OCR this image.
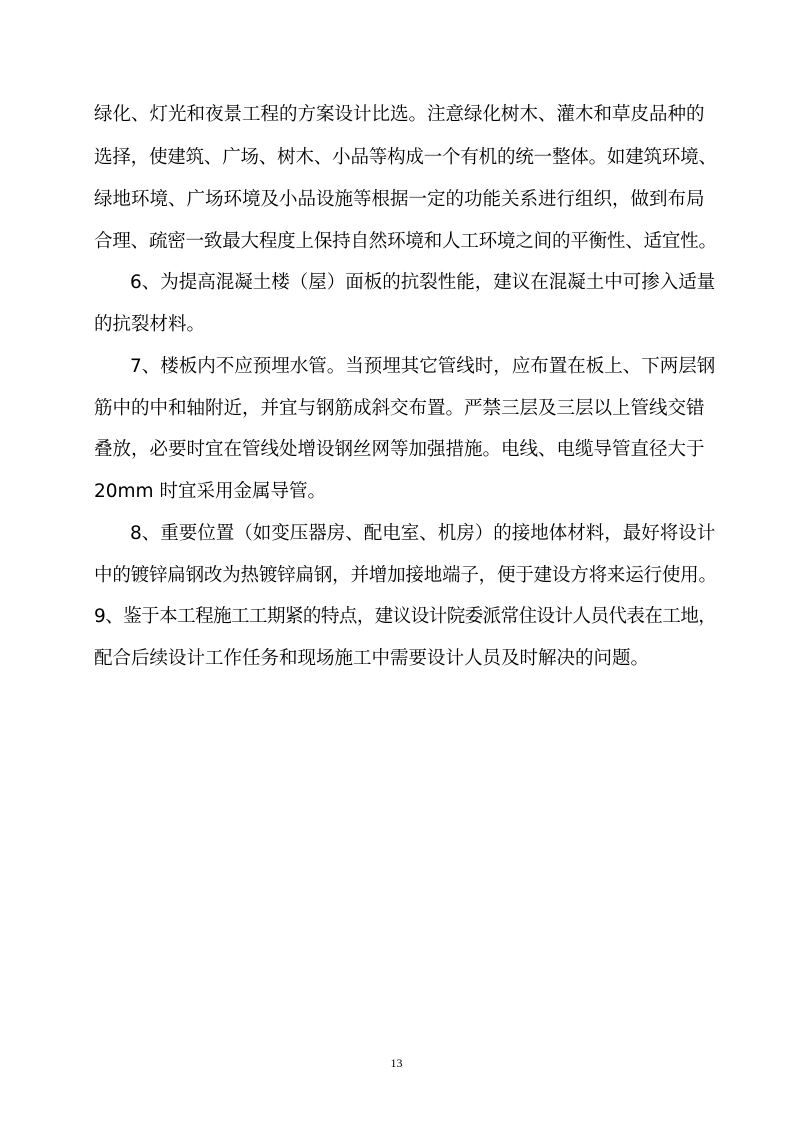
绿化、灯光和夜景工程的方案设计比选。注意绿化树木、灌木和草皮品种的
选择，使建筑、广场、树木、小品等构成一个有机的统一整体。如建筑环境、
绿地环境、广场环境及小品设施等根据一定的功能关系进行组织，做到布局
合理、疏密一致最大程度上保持自然环境和人工环境之间的平衡性、适宜性。
6、为提高混凝土楼（屋）面板的抗裂性能，建议在混凝土中可掺入适量
的抗裂材料。
7、楼板内不应预埋水管。当预埋其它管线时，应布置在板上、下两层钢
筋中的中和轴附近，并宜与钢筋成斜交布置。严禁三层及三层以上管线交错
叠放，必要时宜在管线处增设钢丝网等加强措施。电线、电缆导管直径大于
20mm 时宜采用金属导管。
8、重要位置（如变压器房、配电室、机房）的接地体材料，最好将设计
中的镀锌扁钢改为热镀锌扁钢，并增加接地端子，便于建设方将来运行使用。
9、鉴于本工程施工工期紧的特点，建议设计院委派常住设计人员代表在工地，
配合后续设计工作任务和现场施工中需要设计人员及时解决的问题。
13
